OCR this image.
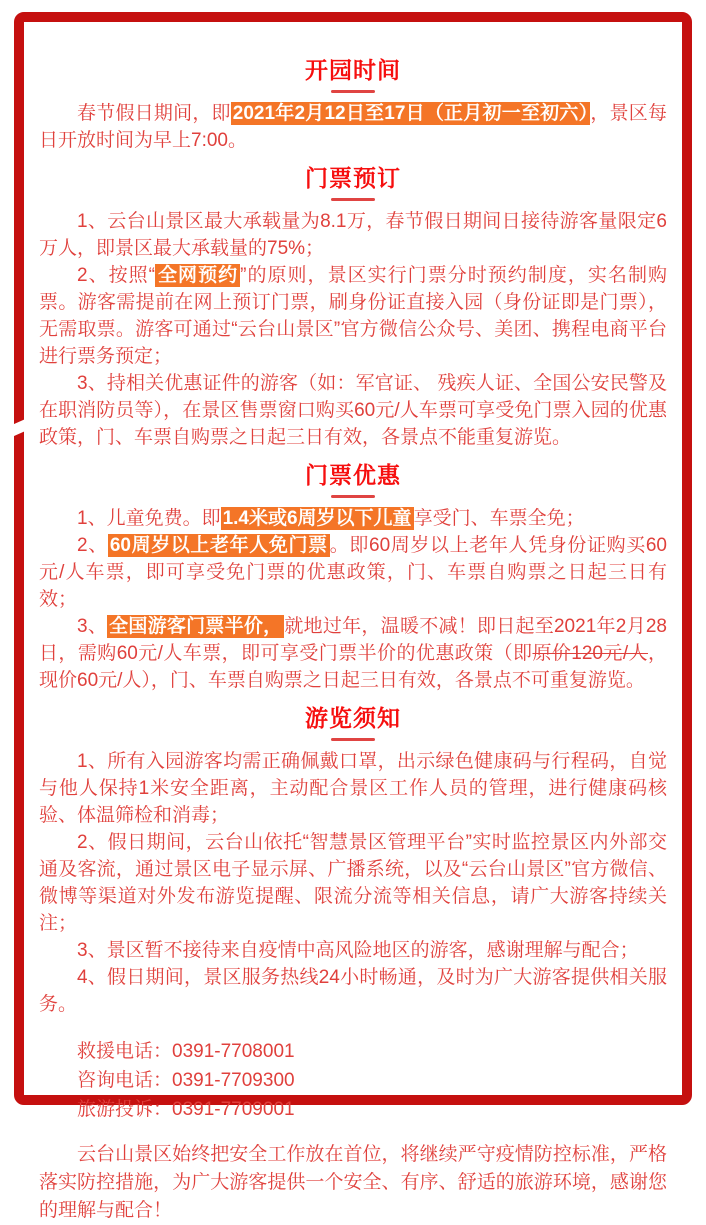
开园时间

春节假日期间，即 2021年2月12日至17日（正月初一至初六） ，景区每日开放时间为早上7:00。

门票预订

1、云台山景区最大承载量为8.1万，春节假日期间日接待游客量限定6万人，即景区最大承载量的75%；

2、按照“ 全网预约 ”的原则，景区实行门票分时预约制度，实名制购票。游客需提前在网上预订门票，刷身份证直接入园（身份证即是门票），无需取票。游客可通过“云台山景区”官方微信公众号、美团、携程电商平台进行票务预定；

3、持相关优惠证件的游客（如：军官证、 残疾人证、全国公安民警及在职消防员等），在景区售票窗口购买60元/人车票可享受免门票入园的优惠政策，门、车票自购票之日起三日有效，各景点不能重复游览。

门票优惠

1、儿童免费。即 1.4米或6周岁以下儿童 享受门、车票全免；

2、 60周岁以上老年人免门票 。即60周岁以上老年人凭身份证购买60元/人车票，即可享受免门票的优惠政策，门、车票自购票之日起三日有效；

3、 全国游客门票半价， 就地过年，温暖不减！即日起至2021年2月28日，需购60元/人车票，即可享受门票半价的优惠政策（即原价120元/人，现价60元/人），门、车票自购票之日起三日有效，各景点不可重复游览。

游览须知

1、所有入园游客均需正确佩戴口罩，出示绿色健康码与行程码，自觉与他人保持1米安全距离，主动配合景区工作人员的管理，进行健康码核验、体温筛检和消毒；

2、假日期间，云台山依托“智慧景区管理平台”实时监控景区内外部交通及客流，通过景区电子显示屏、广播系统，以及“云台山景区”官方微信、微博等渠道对外发布游览提醒、限流分流等相关信息，请广大游客持续关注；

3、景区暂不接待来自疫情中高风险地区的游客，感谢理解与配合；

4、假日期间，景区服务热线24小时畅通，及时为广大游客提供相关服务。

救援电话：0391-7708001

咨询电话：0391-7709300

旅游投诉：0391-7709001

云台山景区始终把安全工作放在首位，将继续严守疫情防控标准，严格落实防控措施，为广大游客提供一个安全、有序、舒适的旅游环境，感谢您的理解与配合！
